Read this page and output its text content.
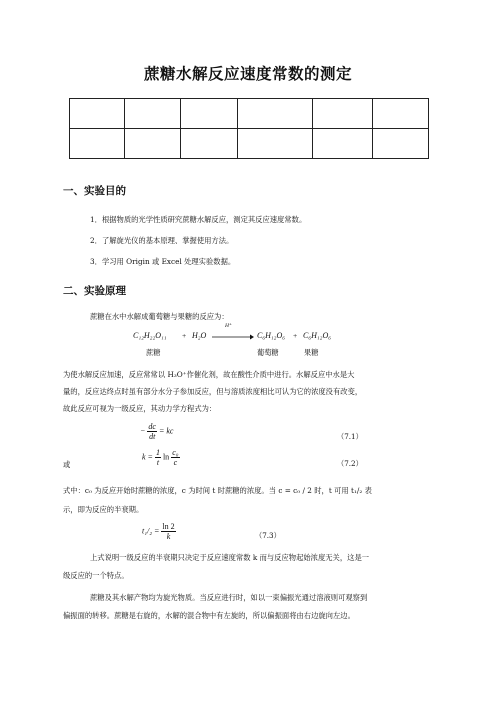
蔗糖水解反应速度常数的测定

一、实验目的
1．根据物质的光学性质研究蔗糖水解反应，测定其反应速度常数。
2．了解旋光仪的基本原理、掌握使用方法。
3．学习用 Origin 或 Excel 处理实验数据。
二、实验原理
蔗糖在水中水解成葡萄糖与果糖的反应为：
C₁₂H₂₂O₁₁ + H₂O
H⁺
→ C₆H₁₂O₆ + C₆H₁₂O₆
蔗糖	葡萄糖	果糖
为使水解反应加速，反应常常以 H₃O⁺作催化剂，故在酸性介质中进行。水解反应中水是大
量的，反应达终点时虽有部分水分子参加反应，但与溶质浓度相比可认为它的浓度没有改变，
故此反应可视为一级反应，其动力学方程式为：
− $\frac{dc}{dt}$ = kc
（7.1）
或
$k = \frac{1}{t}$ $\ln \frac{\text{c₀}}{c}$	（7.2）
式中：c₀ 为反应开始时蔗糖的浓度，c 为时间 t 时蔗糖的浓度。当 c = c₀ / 2 时，t 可用 t₁/₂ 表
示，即为反应的半衰期。
$t_1/_2 = \frac{\ln 2}{k}$	（7.3）
上式说明一级反应的半衰期只决定于反应速度常数 k 而与反应物起始浓度无关，这是一
级反应的一个特点。
蔗糖及其水解产物均为旋光物质。当反应进行时，如以一束偏振光通过溶液则可观察到
偏振面的转移。蔗糖是右旋的，水解的混合物中有左旋的，所以偏振面将由右边旋向左边。
